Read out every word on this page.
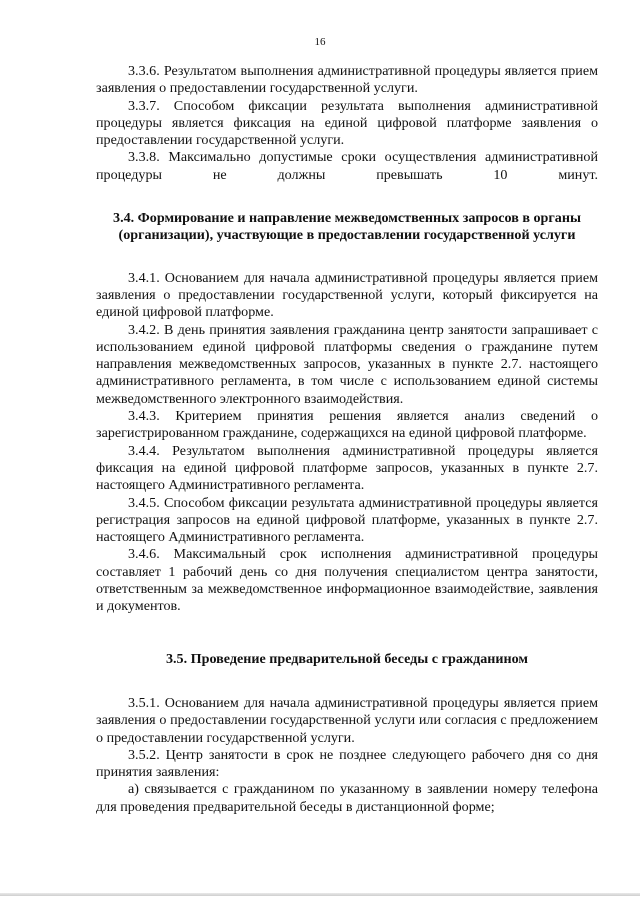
16

3.3.6. Результатом выполнения административной процедуры является прием заявления о предоставлении государственной услуги.

3.3.7. Способом фиксации результата выполнения административной процедуры является фиксация на единой цифровой платформе заявления о предоставлении государственной услуги.

3.3.8. Максимально допустимые сроки осуществления административной процедуры не должны превышать 10 минут.

3.4. Формирование и направление межведомственных запросов в органы (организации), участвующие в предоставлении государственной услуги

3.4.1. Основанием для начала административной процедуры является прием заявления о предоставлении государственной услуги, который фиксируется на единой цифровой платформе.

3.4.2. В день принятия заявления гражданина центр занятости запрашивает с использованием единой цифровой платформы сведения о гражданине путем направления межведомственных запросов, указанных в пункте 2.7. настоящего административного регламента, в том числе с использованием единой системы межведомственного электронного взаимодействия.

3.4.3. Критерием принятия решения является анализ сведений о зарегистрированном гражданине, содержащихся на единой цифровой платформе.

3.4.4. Результатом выполнения административной процедуры является фиксация на единой цифровой платформе запросов, указанных в пункте 2.7. настоящего Административного регламента.

3.4.5. Способом фиксации результата административной процедуры является регистрация запросов на единой цифровой платформе, указанных в пункте 2.7. настоящего Административного регламента.

3.4.6. Максимальный срок исполнения административной процедуры составляет 1 рабочий день со дня получения специалистом центра занятости, ответственным за межведомственное информационное взаимодействие, заявления и документов.

3.5. Проведение предварительной беседы с гражданином

3.5.1. Основанием для начала административной процедуры является прием заявления о предоставлении государственной услуги или согласия с предложением о предоставлении государственной услуги.

3.5.2. Центр занятости в срок не позднее следующего рабочего дня со дня принятия заявления:

а) связывается с гражданином по указанному в заявлении номеру телефона для проведения предварительной беседы в дистанционной форме;
